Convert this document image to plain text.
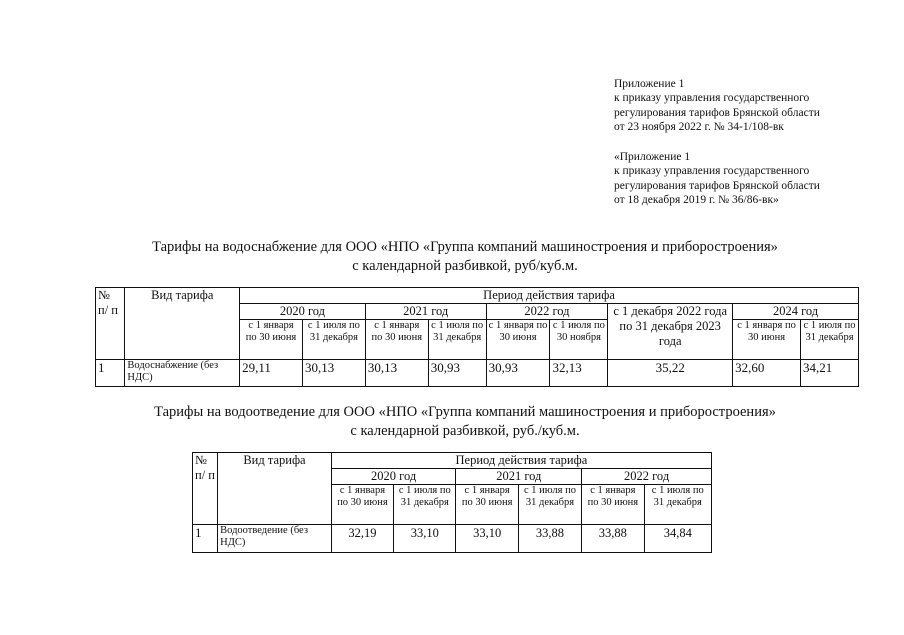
Приложение 1
к приказу управления государственного
регулирования тарифов Брянской области
от 23 ноября 2022 г. № 34-1/108-вк
«Приложение 1
к приказу управления государственного
регулирования тарифов Брянской области
от 18 декабря 2019 г. № 36/86-вк»
Тарифы на водоснабжение для ООО «НПО «Группа компаний машиностроения и приборостроения»
с календарной разбивкой, руб/куб.м.
№ п/ п	Вид тарифа	Период действия тарифа								
		2020 год		2021 год		2022 год		с 1 декабря 2022 года по 31 декабря 2023 года	2024 год	
		с 1 января по 30 июня	с 1 июля по 31 декабря	с 1 января по 30 июня	с 1 июля по 31 декабря	с 1 января по 30 июня	с 1 июля по 30 ноября		с 1 января по 30 июня	с 1 июля по 31 декабря
1	Водоснабжение (без НДС)	29,11	30,13	30,13	30,93	30,93	32,13	35,22	32,60	34,21
Тарифы на водоотведение для ООО «НПО «Группа компаний машиностроения и приборостроения»
с календарной разбивкой, руб./куб.м.
№ п/ п	Вид тарифа	Период действия тарифа					
		2020 год		2021 год		2022 год	
		с 1 января по 30 июня	с 1 июля по 31 декабря	с 1 января по 30 июня	с 1 июля по 31 декабря	с 1 января по 30 июня	с 1 июля по 31 декабря
1	Водоотведение (без НДС)	32,19	33,10	33,10	33,88	33,88	34,84
